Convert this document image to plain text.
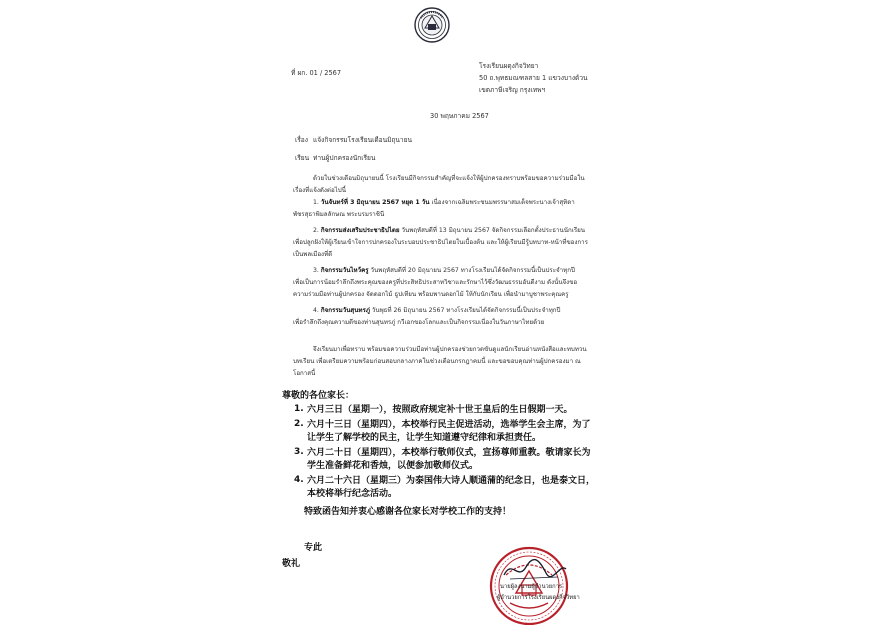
ที่ ผก. 01 / 2567
โรงเรียนผดุงกิจวิทยา
50 ถ.พุทธมณฑลสาย 1 แขวงบางด้วน
เขตภาษีเจริญ กรุงเทพฯ
30 พฤษภาคม 2567
เรื่อง แจ้งกิจกรรมโรงเรียนเดือนมิถุนายน
เรียน ท่านผู้ปกครองนักเรียน
ด้วยในช่วงเดือนมิถุนายนนี้ โรงเรียนมีกิจกรรมสำคัญที่จะแจ้งให้ผู้ปกครองทราบพร้อมขอความร่วมมือใน
เรื่องที่แจ้งดังต่อไปนี้
1. วันจันทร์ที่ 3 มิถุนายน 2567 หยุด 1 วัน เนื่องจากเฉลิมพระชนมพรรษาสมเด็จพระนางเจ้าสุทิดา
พัชรสุธาพิมลลักษณ พระบรมราชินี
2. กิจกรรมส่งเสริมประชาธิปไตย วันพฤหัสบดีที่ 13 มิถุนายน 2567 จัดกิจกรรมเลือกตั้งประธานนักเรียน
เพื่อปลูกฝังให้ผู้เรียนเข้าใจการปกครองในระบอบประชาธิปไตยในเบื้องต้น และให้ผู้เรียนมีรู้บทบาท-หน้าที่ของการ
เป็นพลเมืองที่ดี
3. กิจกรรมวันไหว้ครู วันพฤหัสบดีที่ 20 มิถุนายน 2567 ทางโรงเรียนได้จัดกิจกรรมนี้เป็นประจำทุกปี
เพื่อเป็นการน้อมรำลึกถึงพระคุณของครูที่ประสิทธิประสาทวิชาและรักษาไว้ซึ่งวัฒนธรรมอันดีงาม ดังนั้นจึงขอ
ความร่วมมือท่านผู้ปกครอง จัดดอกไม้ ธูปเทียน พร้อมพานดอกไม้ ให้กับนักเรียน เพื่อนำมาบูชาพระคุณครู
4. กิจกรรมวันสุนทรภู่ วันพุธที่ 26 มิถุนายน 2567 ทางโรงเรียนได้จัดกิจกรรมนี้เป็นประจำทุกปี
เพื่อรำลึกถึงคุณความดีของท่านสุนทรภู่ กวีเอกของโลกและเป็นกิจกรรมเนื่องในวันภาษาไทยด้วย
จึงเรียนมาเพื่อทราบ พร้อมขอความร่วมมือท่านผู้ปกครองช่วยกวดขันดูแลนักเรียนอ่านหนังสือและทบทวน
บทเรียน เพื่อเตรียมความพร้อมก่อนสอบกลางภาคในช่วงเดือนกรกฎาคมนี้ และขอขอบคุณท่านผู้ปกครองมา ณ
โอกาสนี้
尊敬的各位家长：
1. 六月三日（星期一），按照政府规定补十世王皇后的生日假期一天。
2. 六月十三日（星期四），本校举行民主促进活动，选举学生会主席，为了
让学生了解学校的民主，让学生知道遵守纪律和承担责任。
3. 六月二十日（星期四），本校举行敬师仪式，宣扬尊师重教。敬请家长为
学生准备鲜花和香烛，以便参加敬师仪式。
4. 六月二十六日（星期三）为泰国伟大诗人顺通蒲的纪念日，也是泰文日，
本校将举行纪念活动。
特致函告知并衷心感谢各位家长对学校工作的支持！
专此
敬礼
นายผู้ลงนามผู้อำนวยการ
ผู้อำนวยการโรงเรียนผดุงกิจวิทยา
